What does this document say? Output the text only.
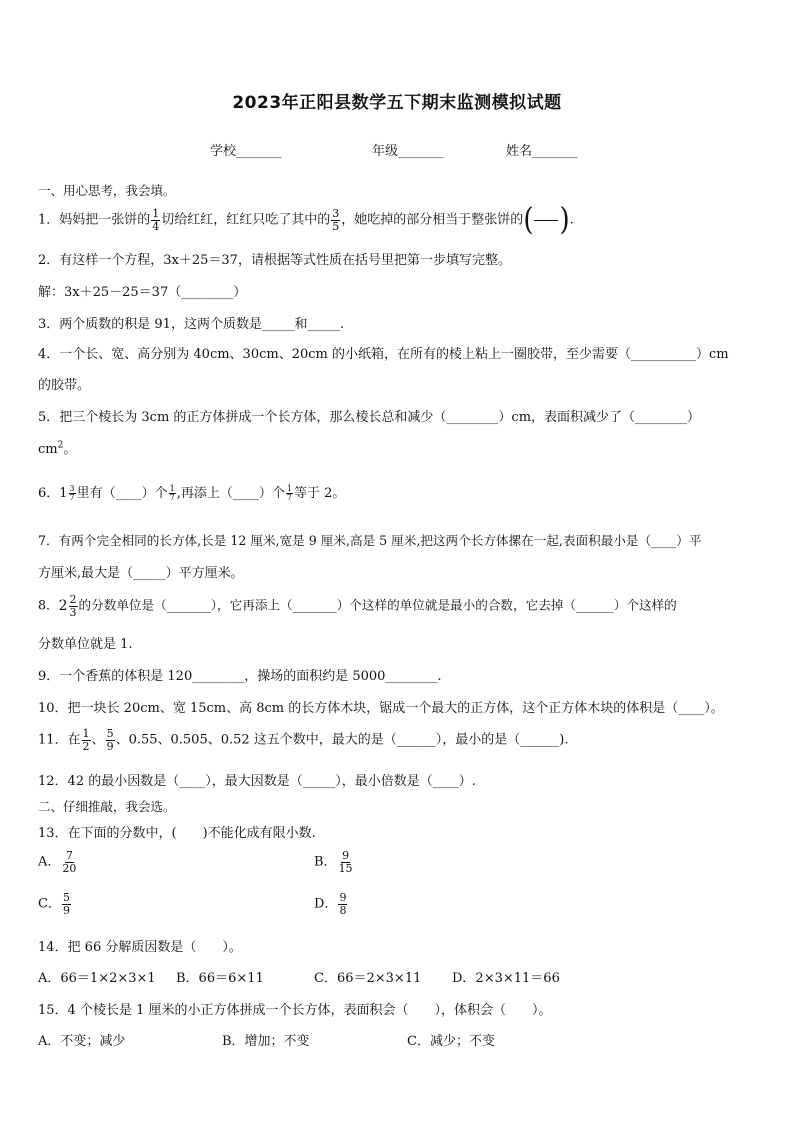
2023年正阳县数学五下期末监测模拟试题
学校_______	年级_______	姓名_______
一、用心思考，我会填。
1．妈妈把一张饼的 $\frac{1}{4}$ 切给红红，红红只吃了其中的 $\frac{3}{5}$ ，她吃掉的部分相当于整张饼的( ).
2．有这样一个方程，3x＋25＝37，请根据等式性质在括号里把第一步填写完整。
解：3x＋25－25＝37（________）
3．两个质数的积是 91，这两个质数是_____和_____.
4．一个长、宽、高分别为 40cm、30cm、20cm 的小纸箱，在所有的棱上粘上一圈胶带，至少需要（__________）cm
的胶带。
5．把三个棱长为 3cm 的正方体拼成一个长方体，那么棱长总和减少（________）cm，表面积减少了（________）
$cm^2$。
6．$1 \frac{3}{7}$ 里有（____）个 $\frac{1}{7}$ ,再添上（____）个 $\frac{1}{7}$ 等于 2。
7．有两个完全相同的长方体,长是 12 厘米,宽是 9 厘米,高是 5 厘米,把这两个长方体摞在一起,表面积最小是（____）平
方厘米,最大是（_____）平方厘米。
8．$2 \frac{2}{3}$ 的分数单位是（_______），它再添上（_______）个这样的单位就是最小的合数，它去掉（______）个这样的
分数单位就是 1.
9．一个香蕉的体积是 120________，操场的面积约是 5000________.
10．把一块长 20cm、宽 15cm、高 8cm 的长方体木块，锯成一个最大的正方体，这个正方体木块的体积是（____）。
11．在 $\frac{1}{2}$ 、 $\frac{5}{9}$ 、0.55、0.505、0.52 这五个数中，最大的是（______），最小的是（______).
12．42 的最小因数是（____），最大因数是（_____），最小倍数是（____）.
二、仔细推敲，我会选。
13．在下面的分数中，(　　)不能化成有限小数.
A． $\frac{7}{20}$	B． $\frac{9}{15}$
C． $\frac{5}{9}$	D． $\frac{9}{8}$
14．把 66 分解质因数是（　　）。
A．66＝1×2×3×1 B．66＝6×11	C．66＝2×3×11 D．2×3×11＝66
15．4 个棱长是 1 厘米的小正方体拼成一个长方体，表面积会（　　），体积会（　　）。
A．不变；减少	B．增加；不变	C．减少；不变
